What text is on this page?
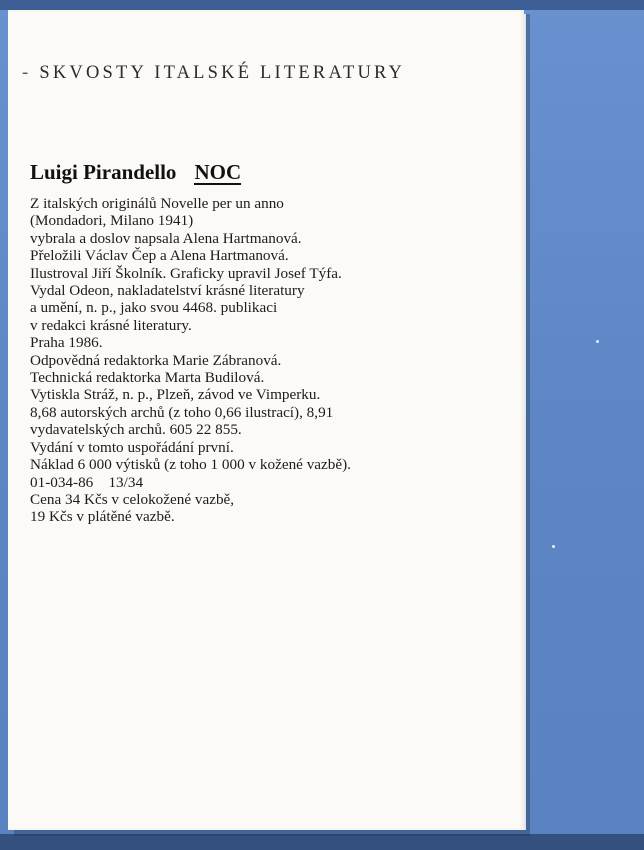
- SKVOSTY ITALSKÉ LITERATURY
Luigi Pirandello NOC
Z italských originálů Novelle per un anno
(Mondadori, Milano 1941)
vybrala a doslov napsala Alena Hartmanová.
Přeložili Václav Čep a Alena Hartmanová.
Ilustroval Jiří Školník. Graficky upravil Josef Týfa.
Vydal Odeon, nakladatelství krásné literatury
a umění, n. p., jako svou 4468. publikaci
v redakci krásné literatury.
Praha 1986.
Odpovědná redaktorka Marie Zábranová.
Technická redaktorka Marta Budilová.
Vytiskla Stráž, n. p., Plzeň, závod ve Vimperku.
8,68 autorských archů (z toho 0,66 ilustrací), 8,91
vydavatelských archů. 605 22 855.
Vydání v tomto uspořádání první.
Náklad 6 000 výtisků (z toho 1 000 v kožené vazbě).
01-034-86    13/34
Cena 34 Kčs v celokožené vazbě,
19 Kčs v plátěné vazbě.
